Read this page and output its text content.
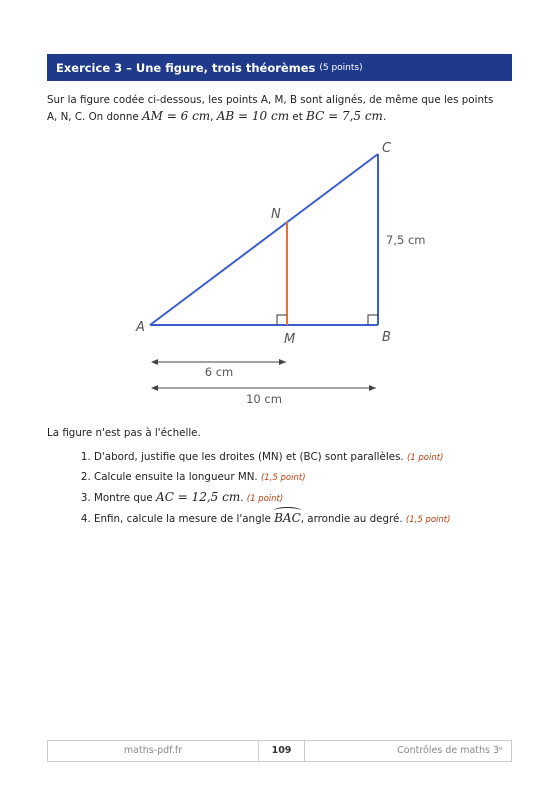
Exercice 3 – Une figure, trois théorèmes (5 points)
Sur la figure codée ci-dessous, les points A, M, B sont alignés, de même que les points
A, N, C. On donne AM = 6 cm, AB = 10 cm et BC = 7,5 cm.
A
B
C
M
N
7,5 cm
6 cm
10 cm
La figure n'est pas à l'échelle.
1. D'abord, justifie que les droites (MN) et (BC) sont parallèles. (1 point)
2. Calcule ensuite la longueur MN. (1,5 point)
3. Montre que AC = 12,5 cm. (1 point)
4. Enfin, calcule la mesure de l'angle BAC, arrondie au degré. (1,5 point)
maths-pdf.fr	109	Contrôles de maths 3ᵉ
